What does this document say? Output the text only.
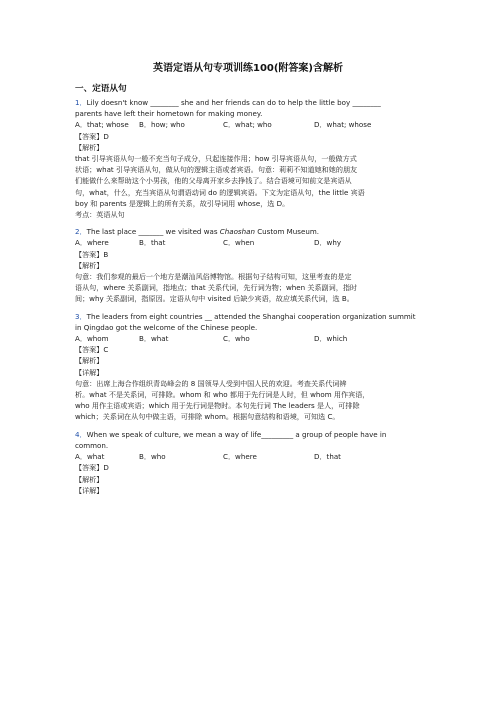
英语定语从句专项训练100(附答案)含解析
一、定语从句

1．Lily doesn't know ________ she and her friends can do to help the little boy ________

parents have left their hometown for making money.

A．that; whose	B．how; who	C．what; who	D．what; whose

【答案】D

【解析】

that 引导宾语从句一般不充当句子成分，只起连接作用；how 引导宾语从句，一般做方式

状语；what 引导宾语从句，做从句的逻辑主语或者宾语。句意：莉莉不知道她和她的朋友

们能做什么来帮助这个小男孩，他的父母离开家乡去挣钱了。结合语境可知前文是宾语从

句，what，什么，充当宾语从句谓语动词 do 的逻辑宾语。下文为定语从句，the little 宾语

boy 和 parents 是逻辑上的所有关系，故引导词用 whose，选 D。

考点：英语从句

2．The last place _______ we visited was Chaoshan Custom Museum.

A．where	B．that	C．when	D．why

【答案】B

【解析】

句意：我们参观的最后一个地方是潮汕风俗博物馆。根据句子结构可知，这里考查的是定

语从句，where 关系副词，指地点；that 关系代词，先行词为物；when 关系副词，指时

间；why 关系副词，指原因。定语从句中 visited 后缺少宾语，故应填关系代词，选 B。

3．The leaders from eight countries __ attended the Shanghai cooperation organization summit

in Qingdao got the welcome of the Chinese people.

A．whom	B．what	C．who	D．which

【答案】C

【解析】

【详解】

句意：出席上海合作组织青岛峰会的 8 国领导人受到中国人民的欢迎。考查关系代词辨

析。what 不是关系词，可排除。whom 和 who 都用于先行词是人时，但 whom 用作宾语，

who 用作主语或宾语；which 用于先行词是物时。本句先行词 The leaders 是人，可排除

which；关系词在从句中做主语，可排除 whom。根据句意结构和语境，可知选 C。

4．When we speak of culture, we mean a way of life_________ a group of people have in

common.

A．what	B．who	C．where	D．that

【答案】D

【解析】

【详解】
